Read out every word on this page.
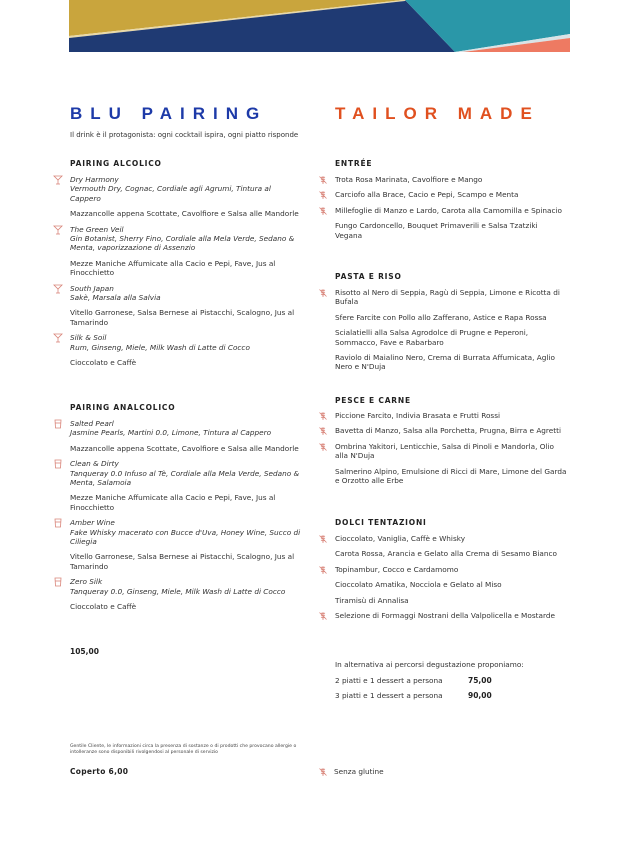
BLU PAIRING	TAILOR MADE
Il drink è il protagonista: ogni cocktail ispira, ogni piatto risponde
PAIRING ALCOLICO
Dry Harmony
Vermouth Dry, Cognac, Cordiale agli Agrumi, Tintura al Cappero
Mazzancolle appena Scottate, Cavolfiore e Salsa alle Mandorle
The Green Veil
Gin Botanist, Sherry Fino, Cordiale alla Mela Verde, Sedano & Menta, vaporizzazione di Assenzio
Mezze Maniche Affumicate alla Cacio e Pepi, Fave, Jus al Finocchietto
South Japan
Sakè, Marsala alla Salvia
Vitello Garronese, Salsa Bernese ai Pistacchi, Scalogno, Jus al Tamarindo
Silk & Soil
Rum, Ginseng, Miele, Milk Wash di Latte di Cocco
Cioccolato e Caffè
PAIRING ANALCOLICO
Salted Pearl
Jasmine Pearls, Martini 0.0, Limone, Tintura al Cappero
Mazzancolle appena Scottate, Cavolfiore e Salsa alle Mandorle
Clean & Dirty
Tanqueray 0.0 Infuso al Tè, Cordiale alla Mela Verde, Sedano & Menta, Salamoia
Mezze Maniche Affumicate alla Cacio e Pepi, Fave, Jus al Finocchietto
Amber Wine
Fake Whisky macerato con Bucce d'Uva, Honey Wine, Succo di Ciliegia
Vitello Garronese, Salsa Bernese ai Pistacchi, Scalogno, Jus al Tamarindo
Zero Silk
Tanqueray 0.0, Ginseng, Miele, Milk Wash di Latte di Cocco
Cioccolato e Caffè
105,00
ENTRÉE
Trota Rosa Marinata, Cavolfiore e Mango
Carciofo alla Brace, Cacio e Pepi, Scampo e Menta
Millefoglie di Manzo e Lardo, Carota alla Camomilla e Spinacio
Fungo Cardoncello, Bouquet Primaverili e Salsa Tzatziki Vegana
PASTA E RISO
Risotto al Nero di Seppia, Ragù di Seppia, Limone e Ricotta di Bufala
Sfere Farcite con Pollo allo Zafferano, Astice e Rapa Rossa
Scialatielli alla Salsa Agrodolce di Prugne e Peperoni, Sommacco, Fave e Rabarbaro
Raviolo di Maialino Nero, Crema di Burrata Affumicata, Aglio Nero e N'Duja
PESCE E CARNE
Piccione Farcito, Indivia Brasata e Frutti Rossi
Bavetta di Manzo, Salsa alla Porchetta, Prugna, Birra e Agretti
Ombrina Yakitori, Lenticchie, Salsa di Pinoli e Mandorla, Olio alla N'Duja
Salmerino Alpino, Emulsione di Ricci di Mare, Limone del Garda e Orzotto alle Erbe
DOLCI TENTAZIONI
Cioccolato, Vaniglia, Caffè e Whisky
Carota Rossa, Arancia e Gelato alla Crema di Sesamo Bianco
Topinambur, Cocco e Cardamomo
Cioccolato Amatika, Nocciola e Gelato al Miso
Tiramisù di Annalisa
Selezione di Formaggi Nostrani della Valpolicella e Mostarde
In alternativa ai percorsi degustazione proponiamo:
2 piatti e 1 dessert a persona	75,00
3 piatti e 1 dessert a persona	90,00
Gentile Cliente, le informazioni circa la presenza di sostanze o di prodotti che provocano allergie o intolleranze sono disponibili rivolgendosi al personale di servizio
Coperto 6,00	Senza glutine
